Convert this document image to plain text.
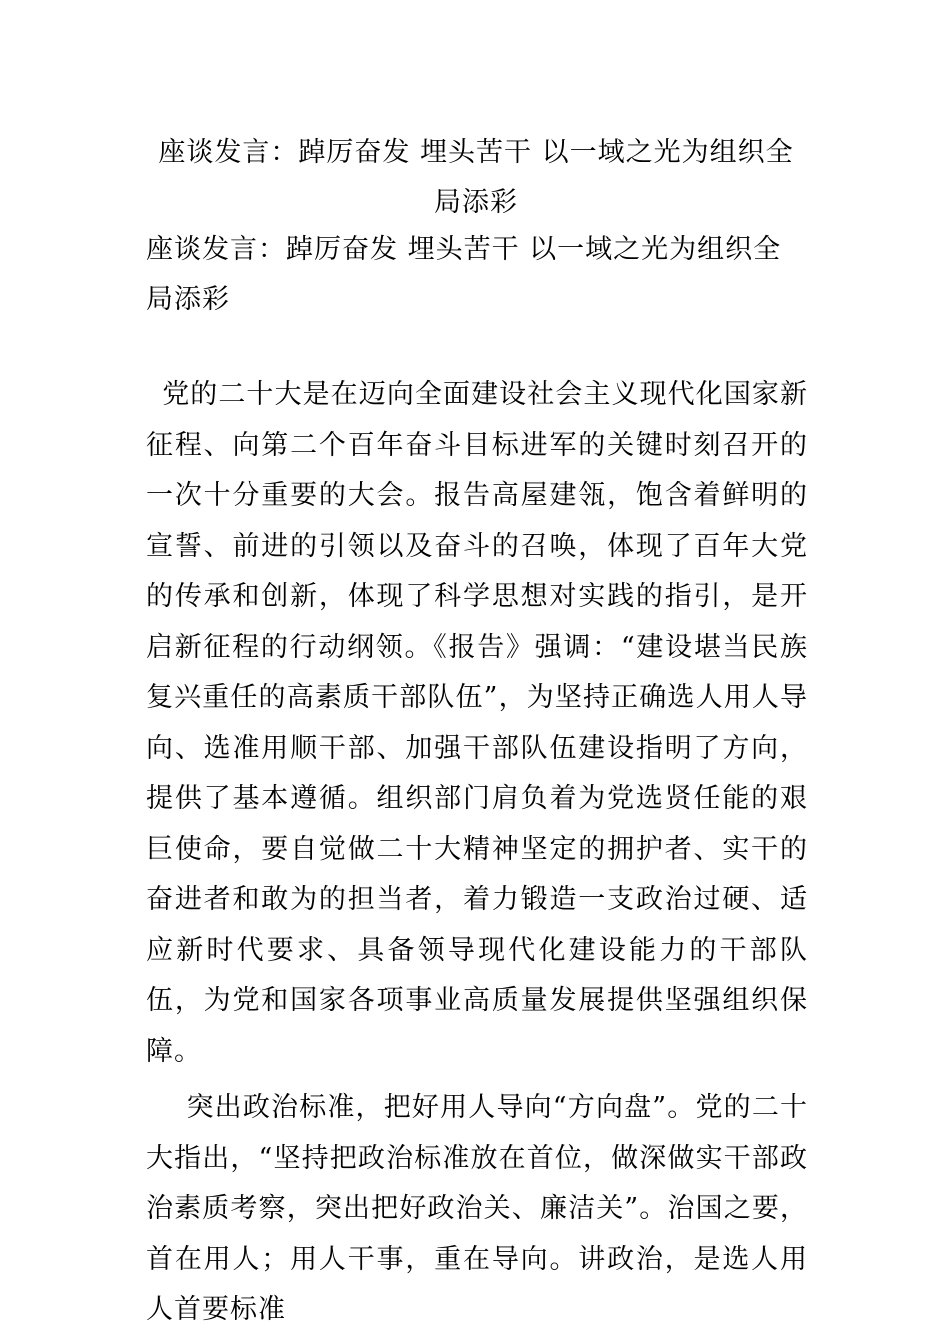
座谈发言：踔厉奋发 埋头苦干 以一域之光为组织全局添彩
座谈发言：踔厉奋发 埋头苦干 以一域之光为组织全局添彩

党的二十大是在迈向全面建设社会主义现代化国家新征程、向第二个百年奋斗目标进军的关键时刻召开的一次十分重要的大会。报告高屋建瓴，饱含着鲜明的宣誓、前进的引领以及奋斗的召唤，体现了百年大党的传承和创新，体现了科学思想对实践的指引，是开启新征程的行动纲领。《报告》强调：“建设堪当民族复兴重任的高素质干部队伍”，为坚持正确选人用人导向、选准用顺干部、加强干部队伍建设指明了方向，提供了基本遵循。组织部门肩负着为党选贤任能的艰巨使命，要自觉做二十大精神坚定的拥护者、实干的奋进者和敢为的担当者，着力锻造一支政治过硬、适应新时代要求、具备领导现代化建设能力的干部队伍，为党和国家各项事业高质量发展提供坚强组织保障。

突出政治标准，把好用人导向“方向盘”。党的二十大指出，“坚持把政治标准放在首位，做深做实干部政治素质考察，突出把好政治关、廉洁关”。治国之要，首在用人；用人干事，重在导向。讲政治，是选人用人首要标准
